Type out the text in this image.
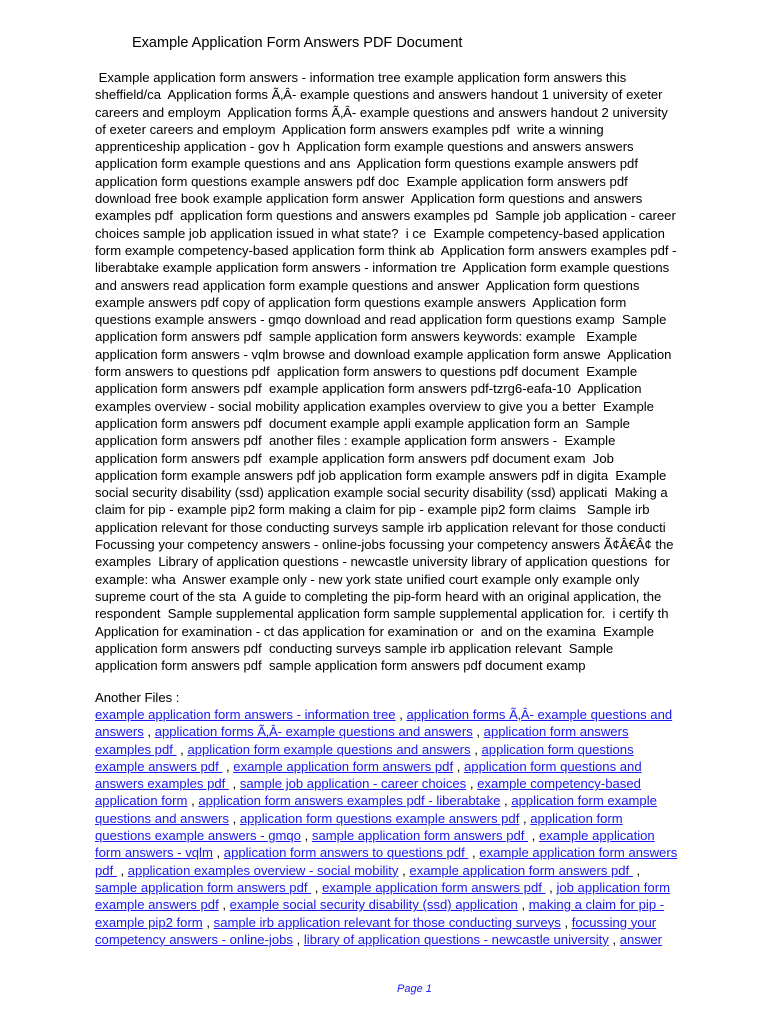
Example Application Form Answers PDF Document
Example application form answers - information tree example application form answers this
sheffield/ca  Application forms Ã‚Â- example questions and answers handout 1 university of exeter
careers and employm  Application forms Ã‚Â- example questions and answers handout 2 university
of exeter careers and employm  Application form answers examples pdf  write a winning
apprenticeship application - gov h  Application form example questions and answers answers
application form example questions and ans  Application form questions example answers pdf
application form questions example answers pdf doc  Example application form answers pdf
download free book example application form answer  Application form questions and answers
examples pdf  application form questions and answers examples pd  Sample job application - career
choices sample job application issued in what state?  i ce  Example competency-based application
form example competency-based application form think ab  Application form answers examples pdf -
liberabtake example application form answers - information tre  Application form example questions
and answers read application form example questions and answer  Application form questions
example answers pdf copy of application form questions example answers  Application form
questions example answers - gmqo download and read application form questions examp  Sample
application form answers pdf  sample application form answers keywords: example   Example
application form answers - vqlm browse and download example application form answe  Application
form answers to questions pdf  application form answers to questions pdf document  Example
application form answers pdf  example application form answers pdf-tzrg6-eafa-10  Application
examples overview - social mobility application examples overview to give you a better  Example
application form answers pdf  document example appli example application form an  Sample
application form answers pdf  another files : example application form answers -  Example
application form answers pdf  example application form answers pdf document exam  Job
application form example answers pdf job application form example answers pdf in digita  Example
social security disability (ssd) application example social security disability (ssd) applicati  Making a
claim for pip - example pip2 form making a claim for pip - example pip2 form claims   Sample irb
application relevant for those conducting surveys sample irb application relevant for those conducti
Focussing your competency answers - online-jobs focussing your competency answers Ã¢Â€Â¢ the
examples  Library of application questions - newcastle university library of application questions  for
example: wha  Answer example only - new york state unified court example only example only
supreme court of the sta  A guide to completing the pip-form heard with an original application, the
respondent  Sample supplemental application form sample supplemental application for.  i certify th
Application for examination - ct das application for examination or  and on the examina  Example
application form answers pdf  conducting surveys sample irb application relevant  Sample
application form answers pdf  sample application form answers pdf document examp
Another Files :
example application form answers - information tree , application forms Ã‚Â- example questions and
answers , application forms Ã‚Â- example questions and answers , application form answers
examples pdf  , application form example questions and answers , application form questions
example answers pdf  , example application form answers pdf , application form questions and
answers examples pdf  , sample job application - career choices , example competency-based
application form , application form answers examples pdf - liberabtake , application form example
questions and answers , application form questions example answers pdf , application form
questions example answers - gmqo , sample application form answers pdf  , example application
form answers - vqlm , application form answers to questions pdf  , example application form answers
pdf  , application examples overview - social mobility , example application form answers pdf  ,
sample application form answers pdf  , example application form answers pdf  , job application form
example answers pdf , example social security disability (ssd) application , making a claim for pip -
example pip2 form , sample irb application relevant for those conducting surveys , focussing your
competency answers - online-jobs , library of application questions - newcastle university , answer
Page 1
